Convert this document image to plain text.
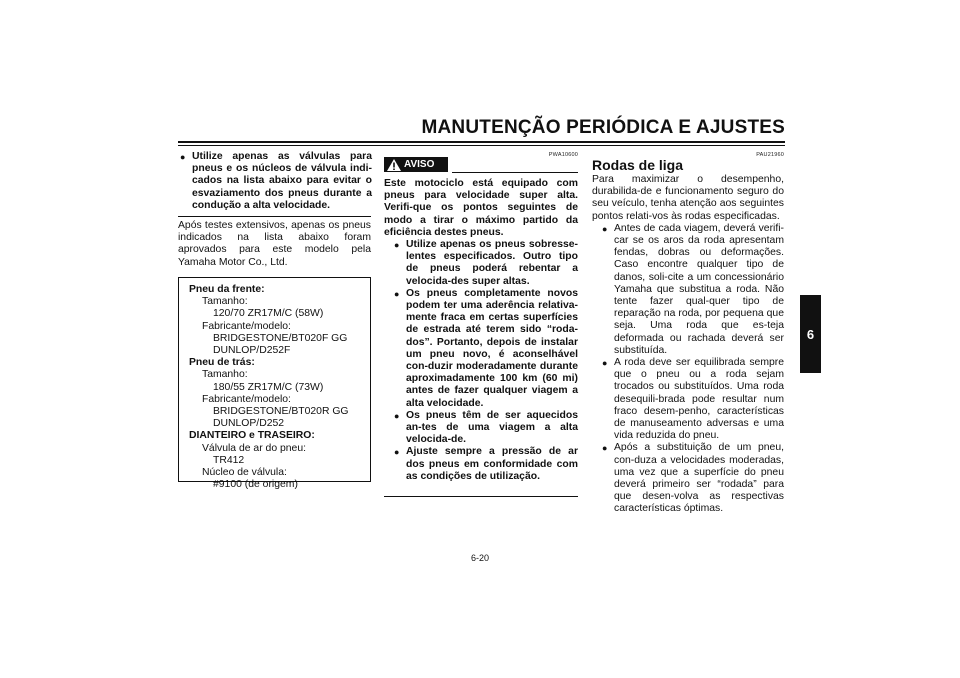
MANUTENÇÃO PERIÓDICA E AJUSTES
6
● Utilize apenas as válvulas para pneus e os núcleos de válvula indi-cados na lista abaixo para evitar o esvaziamento dos pneus durante a condução a alta velocidade.
Após testes extensivos, apenas os pneus indicados na lista abaixo foram aprovados para este modelo pela Yamaha Motor Co., Ltd.
Pneu da frente:
Tamanho:
120/70 ZR17M/C (58W)
Fabricante/modelo:
BRIDGESTONE/BT020F GG
DUNLOP/D252F
Pneu de trás:
Tamanho:
180/55 ZR17M/C (73W)
Fabricante/modelo:
BRIDGESTONE/BT020R GG
DUNLOP/D252
DIANTEIRO e TRASEIRO:
Válvula de ar do pneu:
TR412
Núcleo de válvula:
#9100 (de origem)
PWA10600
AVISO

Este motociclo está equipado com pneus para velocidade super alta. Verifi-que os pontos seguintes de modo a tirar o máximo partido da eficiência destes pneus.

● Utilize apenas os pneus sobresse-lentes especificados. Outro tipo de pneus poderá rebentar a velocida-des super altas.
● Os pneus completamente novos podem ter uma aderência relativa-mente fraca em certas superfícies de estrada até terem sido “roda-dos”. Portanto, depois de instalar um pneu novo, é aconselhável con-duzir moderadamente durante aproximadamente 100 km (60 mi) antes de fazer qualquer viagem a alta velocidade.
● Os pneus têm de ser aquecidos an-tes de uma viagem a alta velocida-de.
● Ajuste sempre a pressão de ar dos pneus em conformidade com as condições de utilização.
PAU21960
Rodas de liga

Para maximizar o desempenho, durabilida-de e funcionamento seguro do seu veículo, tenha atenção aos seguintes pontos relati-vos às rodas especificadas.

● Antes de cada viagem, deverá verifi-car se os aros da roda apresentam fendas, dobras ou deformações. Caso encontre qualquer tipo de danos, soli-cite a um concessionário Yamaha que substitua a roda. Não tente fazer qual-quer tipo de reparação na roda, por pequena que seja. Uma roda que es-teja deformada ou rachada deverá ser substituída.
● A roda deve ser equilibrada sempre que o pneu ou a roda sejam trocados ou substituídos. Uma roda desequili-brada pode resultar num fraco desem-penho, características de manuseamento adversas e uma vida reduzida do pneu.
● Após a substituição de um pneu, con-duza a velocidades moderadas, uma vez que a superfície do pneu deverá primeiro ser “rodada” para que desen-volva as respectivas características óptimas.
6-20
